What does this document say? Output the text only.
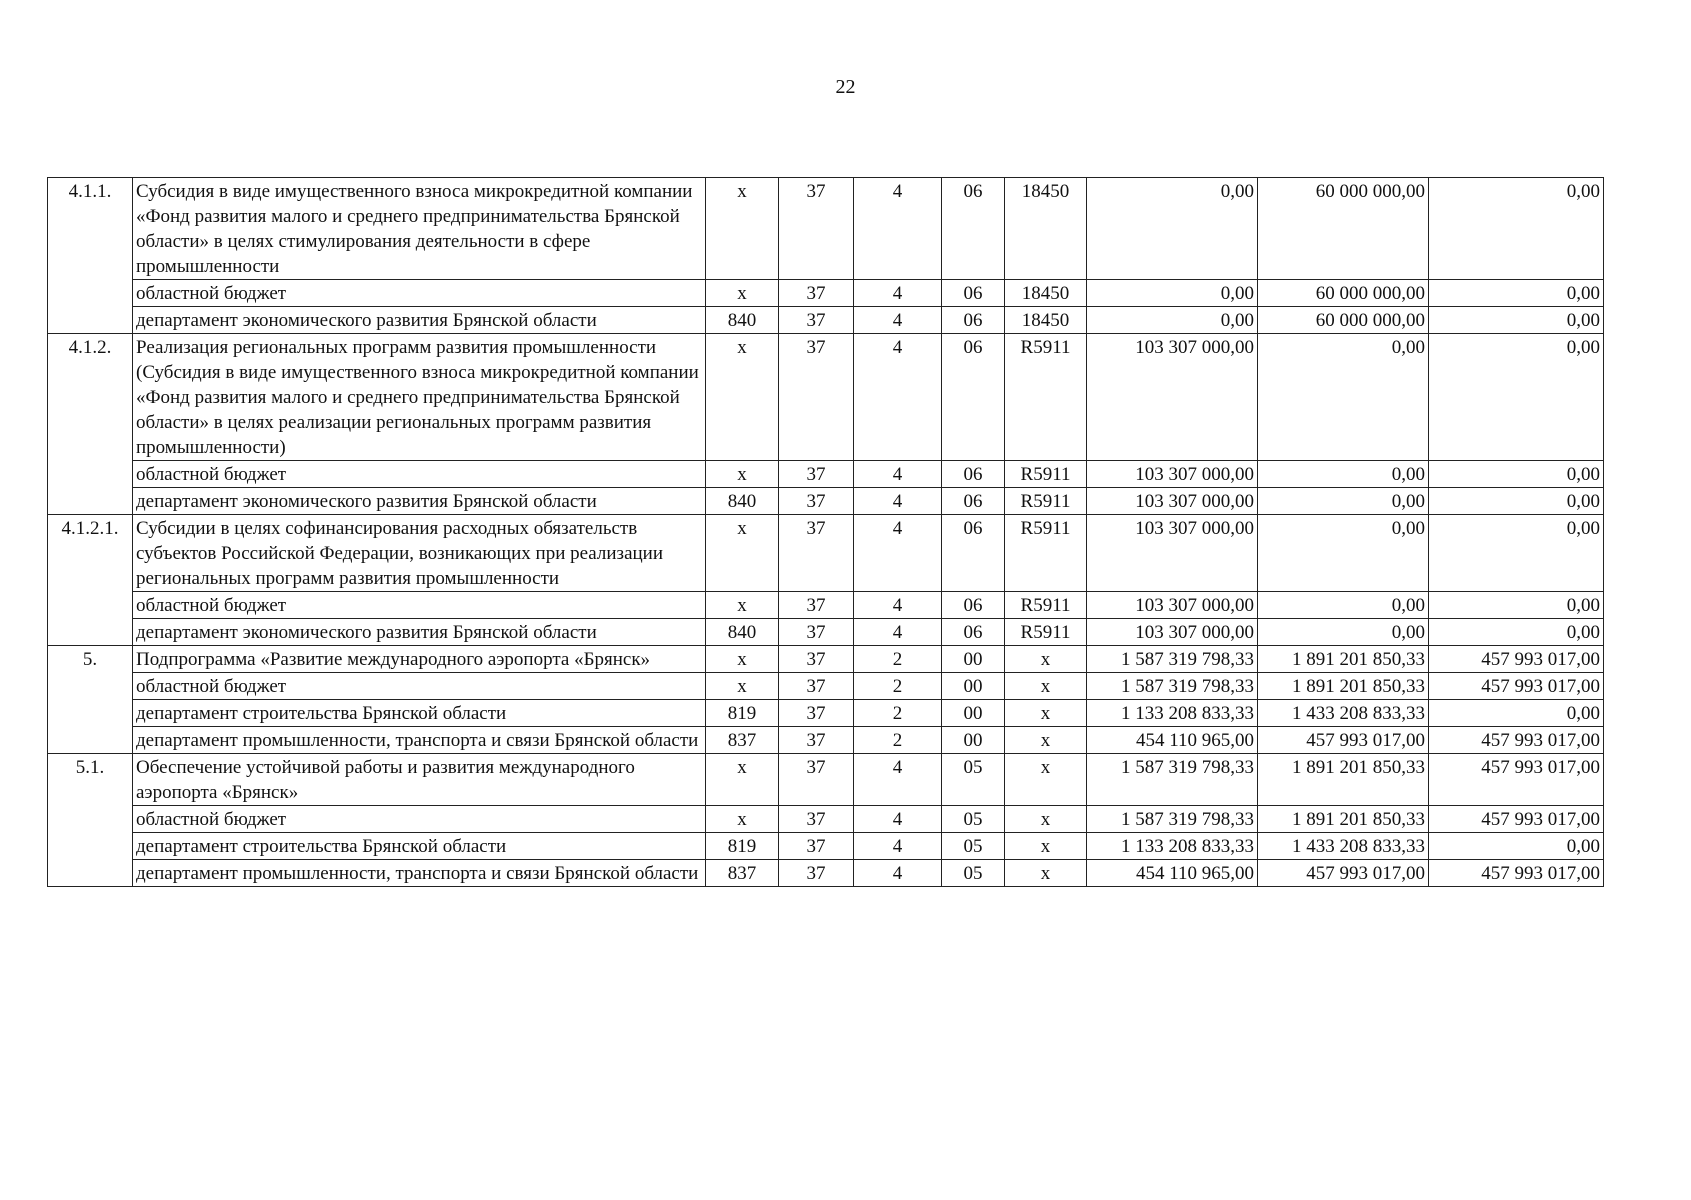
22
4.1.1.	Субсидия в виде имущественного взноса микрокредитной компании «Фонд развития малого и среднего предпринимательства Брянской области» в целях стимулирования деятельности в сфере промышленности	х	37	4	06	18450	0,00	60 000 000,00	0,00
	областной бюджет	х	37	4	06	18450	0,00	60 000 000,00	0,00
	департамент экономического развития Брянской области	840	37	4	06	18450	0,00	60 000 000,00	0,00
4.1.2.	Реализация региональных программ развития промышленности (Субсидия в виде имущественного взноса микрокредитной компании «Фонд развития малого и среднего предпринимательства Брянской области» в целях реализации региональных программ развития промышленности)	х	37	4	06	R5911	103 307 000,00	0,00	0,00
	областной бюджет	х	37	4	06	R5911	103 307 000,00	0,00	0,00
	департамент экономического развития Брянской области	840	37	4	06	R5911	103 307 000,00	0,00	0,00
4.1.2.1.	Субсидии в целях софинансирования расходных обязательств субъектов Российской Федерации, возникающих при реализации региональных программ развития промышленности	х	37	4	06	R5911	103 307 000,00	0,00	0,00
	областной бюджет	х	37	4	06	R5911	103 307 000,00	0,00	0,00
	департамент экономического развития Брянской области	840	37	4	06	R5911	103 307 000,00	0,00	0,00
5.	Подпрограмма «Развитие международного аэропорта «Брянск»	х	37	2	00	х	1 587 319 798,33	1 891 201 850,33	457 993 017,00
	областной бюджет	х	37	2	00	х	1 587 319 798,33	1 891 201 850,33	457 993 017,00
	департамент строительства Брянской области	819	37	2	00	х	1 133 208 833,33	1 433 208 833,33	0,00
	департамент промышленности, транспорта и связи Брянской области	837	37	2	00	х	454 110 965,00	457 993 017,00	457 993 017,00
5.1.	Обеспечение устойчивой работы и развития международного аэропорта «Брянск»	х	37	4	05	х	1 587 319 798,33	1 891 201 850,33	457 993 017,00
	областной бюджет	х	37	4	05	х	1 587 319 798,33	1 891 201 850,33	457 993 017,00
	департамент строительства Брянской области	819	37	4	05	х	1 133 208 833,33	1 433 208 833,33	0,00
	департамент промышленности, транспорта и связи Брянской области	837	37	4	05	х	454 110 965,00	457 993 017,00	457 993 017,00
